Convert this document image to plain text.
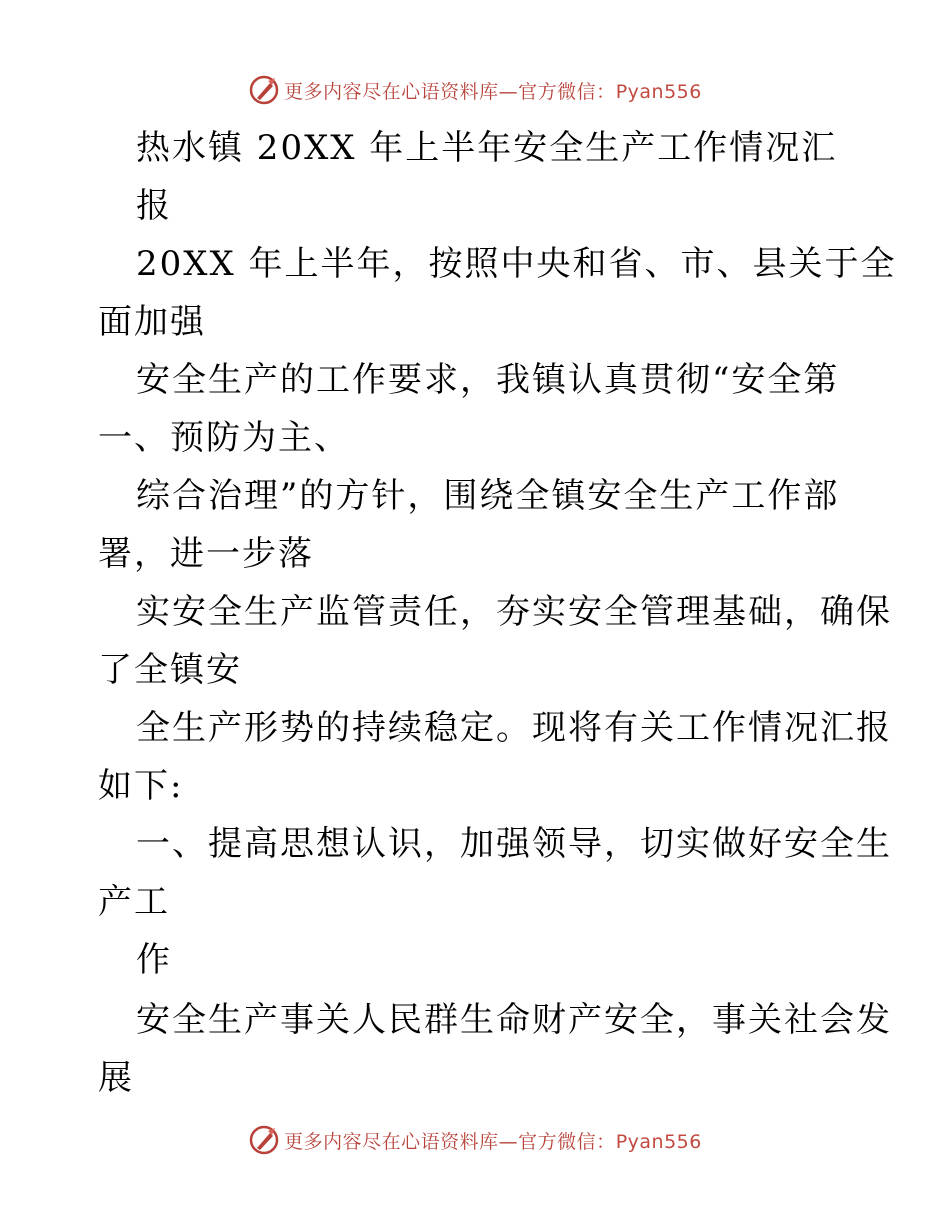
更多内容尽在心语资料库—官方微信：Pyan556
热水镇 20XX 年上半年安全生产工作情况汇
报
20XX 年上半年，按照中央和省、市、县关于全
面加强
安全生产的工作要求，我镇认真贯彻“安全第
一、预防为主、
综合治理”的方针，围绕全镇安全生产工作部
署，进一步落
实安全生产监管责任，夯实安全管理基础，确保
了全镇安
全生产形势的持续稳定。现将有关工作情况汇报
如下:
一、提高思想认识，加强领导，切实做好安全生
产工
作
安全生产事关人民群生命财产安全，事关社会发
展
更多内容尽在心语资料库—官方微信：Pyan556
